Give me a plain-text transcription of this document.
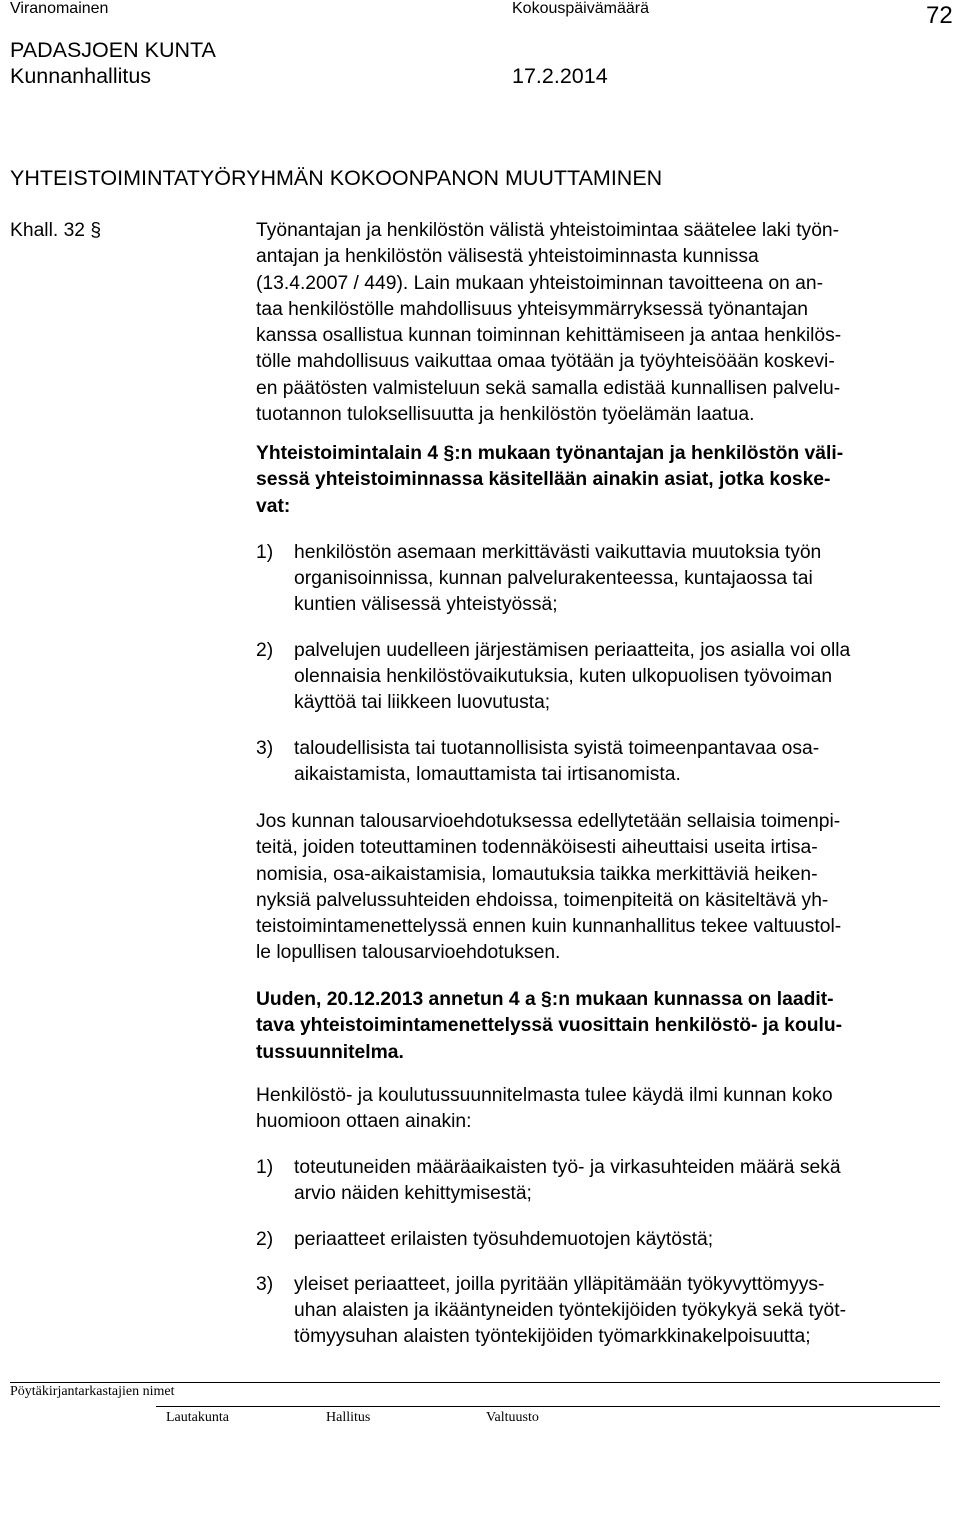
Viranomainen	Kokouspäivämäärä	72
PADASJOEN KUNTA
Kunnanhallitus	17.2.2014
YHTEISTOIMINTATYÖRYHMÄN KOKOONPANON MUUTTAMINEN
Khall. 32 §	Työnantajan ja henkilöstön välistä yhteistoimintaa säätelee laki työn-
antajan ja henkilöstön välisestä yhteistoiminnasta kunnissa
(13.4.2007 / 449). Lain mukaan yhteistoiminnan tavoitteena on an-
taa henkilöstölle mahdollisuus yhteisymmärryksessä työnantajan
kanssa osallistua kunnan toiminnan kehittämiseen ja antaa henkilös-
tölle mahdollisuus vaikuttaa omaa työtään ja työyhteisöään koskevi-
en päätösten valmisteluun sekä samalla edistää kunnallisen palvelu-
tuotannon tuloksellisuutta ja henkilöstön työelämän laatua.
Yhteistoimintalain 4 §:n mukaan työnantajan ja henkilöstön väli-
sessä yhteistoiminnassa käsitellään ainakin asiat, jotka koske-
vat:
1) henkilöstön asemaan merkittävästi vaikuttavia muutoksia työn
organisoinnissa, kunnan palvelurakenteessa, kuntajaossa tai
kuntien välisessä yhteistyössä;
2) palvelujen uudelleen järjestämisen periaatteita, jos asialla voi olla
olennaisia henkilöstövaikutuksia, kuten ulkopuolisen työvoiman
käyttöä tai liikkeen luovutusta;
3) taloudellisista tai tuotannollisista syistä toimeenpantavaa osa-
aikaistamista, lomauttamista tai irtisanomista.
Jos kunnan talousarvioehdotuksessa edellytetään sellaisia toimenpi-
teitä, joiden toteuttaminen todennäköisesti aiheuttaisi useita irtisa-
nomisia, osa-aikaistamisia, lomautuksia taikka merkittäviä heiken-
nyksiä palvelussuhteiden ehdoissa, toimenpiteitä on käsiteltävä yh-
teistoimintamenettelyssä ennen kuin kunnanhallitus tekee valtuustol-
le lopullisen talousarvioehdotuksen.
Uuden, 20.12.2013 annetun 4 a §:n mukaan kunnassa on laadit-
tava yhteistoimintamenettelyssä vuosittain henkilöstö- ja koulu-
tussuunnitelma.
Henkilöstö- ja koulutussuunnitelmasta tulee käydä ilmi kunnan koko
huomioon ottaen ainakin:
1) toteutuneiden määräaikaisten työ- ja virkasuhteiden määrä sekä
arvio näiden kehittymisestä;
2) periaatteet erilaisten työsuhdemuotojen käytöstä;
3) yleiset periaatteet, joilla pyritään ylläpitämään työkyvyttömyys-
uhan alaisten ja ikääntyneiden työntekijöiden työkykyä sekä työt-
tömyysuhan alaisten työntekijöiden työmarkkinakelpoisuutta;
Pöytäkirjantarkastajien nimet
Lautakunta	Hallitus	Valtuusto
